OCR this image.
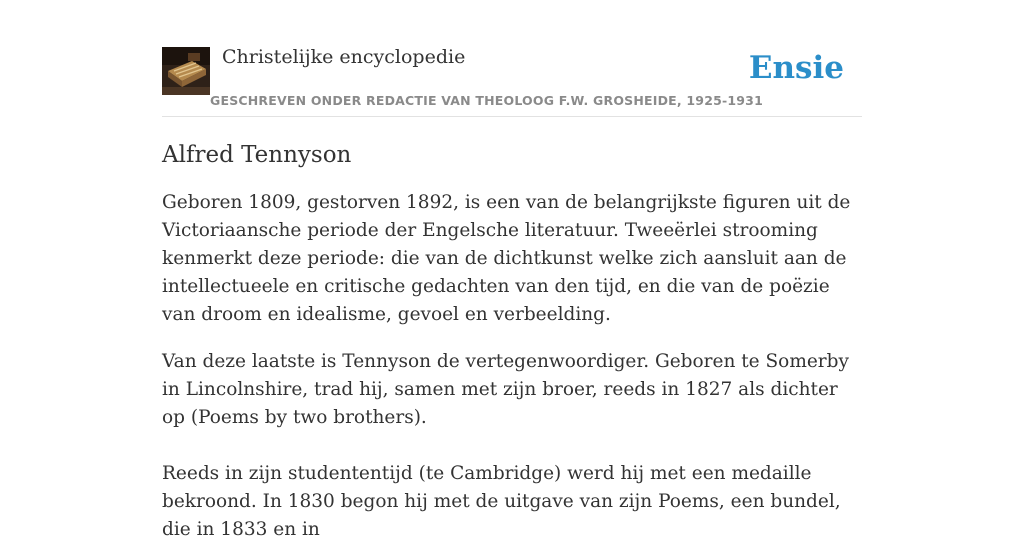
Christelijke encyclopedie
GESCHREVEN ONDER REDACTIE VAN THEOLOOG F.W. GROSHEIDE, 1925-1931
Ensie
Alfred Tennyson

Geboren 1809, gestorven 1892, is een van de belangrijkste figuren uit de Victoriaansche periode der Engelsche literatuur. Tweeërlei strooming kenmerkt deze periode: die van de dichtkunst welke zich aansluit aan de intellectueele en critische gedachten van den tijd, en die van de poëzie van droom en idealisme, gevoel en verbeelding.

Van deze laatste is Tennyson de vertegenwoordiger. Geboren te Somerby in Lincolnshire, trad hij, samen met zijn broer, reeds in 1827 als dichter op (Poems by two brothers).

Reeds in zijn studententijd (te Cambridge) werd hij met een medaille bekroond. In 1830 begon hij met de uitgave van zijn Poems, een bundel, die in 1833 en in
